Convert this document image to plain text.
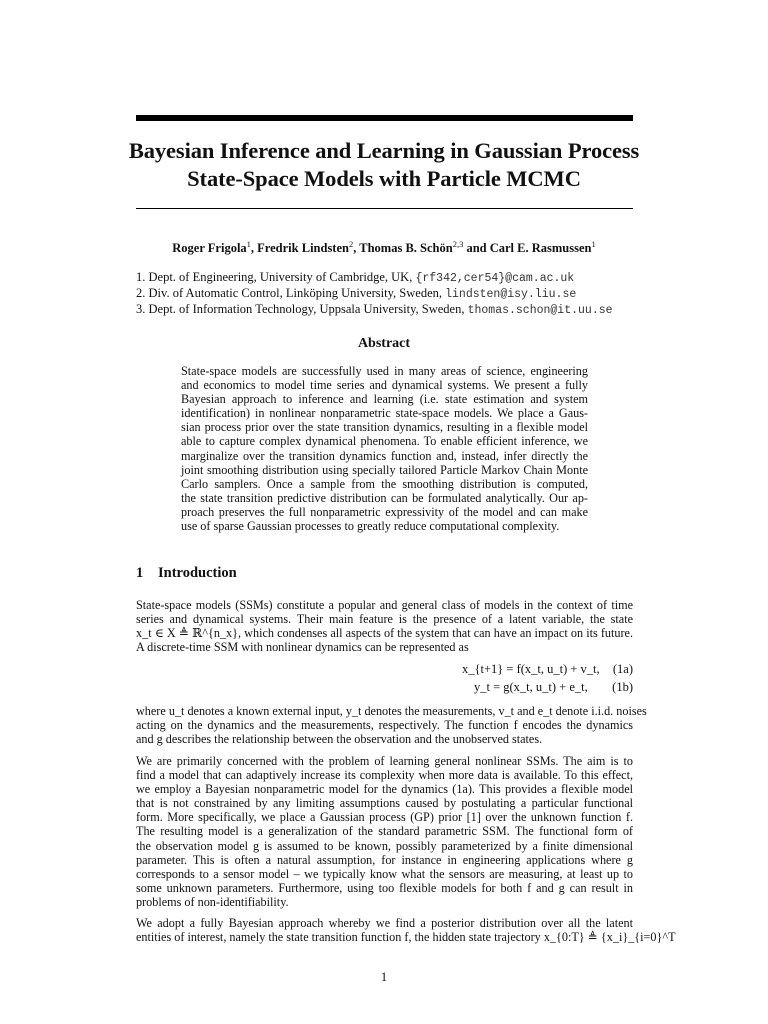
Bayesian Inference and Learning in Gaussian Process
State-Space Models with Particle MCMC
Roger Frigola$^1$, Fredrik Lindsten$^2$, Thomas B. Schön$^{2,3}$ and Carl E. Rasmussen$^1$
1. Dept. of Engineering, University of Cambridge, UK, {rf342,cer54}@cam.ac.uk
2. Div. of Automatic Control, Linköping University, Sweden, lindsten@isy.liu.se
3. Dept. of Information Technology, Uppsala University, Sweden, thomas.schon@it.uu.se
Abstract
State-space models are successfully used in many areas of science, engineering
and economics to model time series and dynamical systems. We present a fully
Bayesian approach to inference and learning (i.e. state estimation and system
identification) in nonlinear nonparametric state-space models. We place a Gaus-
sian process prior over the state transition dynamics, resulting in a flexible model
able to capture complex dynamical phenomena. To enable efficient inference, we
marginalize over the transition dynamics function and, instead, infer directly the
joint smoothing distribution using specially tailored Particle Markov Chain Monte
Carlo samplers. Once a sample from the smoothing distribution is computed,
the state transition predictive distribution can be formulated analytically. Our ap-
proach preserves the full nonparametric expressivity of the model and can make
use of sparse Gaussian processes to greatly reduce computational complexity.
1 Introduction
State-space models (SSMs) constitute a popular and general class of models in the context of time
series and dynamical systems. Their main feature is the presence of a latent variable, the state
x_t ∈ X ≜ ℝ^{n_x}, which condenses all aspects of the system that can have an impact on its future.
A discrete-time SSM with nonlinear dynamics can be represented as
x_{t+1} = f(x_t, u_t) + v_t, (1a)
y_t = g(x_t, u_t) + e_t, (1b)
where u_t denotes a known external input, y_t denotes the measurements, v_t and e_t denote i.i.d. noises
acting on the dynamics and the measurements, respectively. The function f encodes the dynamics
and g describes the relationship between the observation and the unobserved states.
We are primarily concerned with the problem of learning general nonlinear SSMs. The aim is to
find a model that can adaptively increase its complexity when more data is available. To this effect,
we employ a Bayesian nonparametric model for the dynamics (1a). This provides a flexible model
that is not constrained by any limiting assumptions caused by postulating a particular functional
form. More specifically, we place a Gaussian process (GP) prior [1] over the unknown function f.
The resulting model is a generalization of the standard parametric SSM. The functional form of
the observation model g is assumed to be known, possibly parameterized by a finite dimensional
parameter. This is often a natural assumption, for instance in engineering applications where g
corresponds to a sensor model – we typically know what the sensors are measuring, at least up to
some unknown parameters. Furthermore, using too flexible models for both f and g can result in
problems of non-identifiability.
We adopt a fully Bayesian approach whereby we find a posterior distribution over all the latent
entities of interest, namely the state transition function f, the hidden state trajectory x_{0:T} ≜ {x_i}_{i=0}^T
1
